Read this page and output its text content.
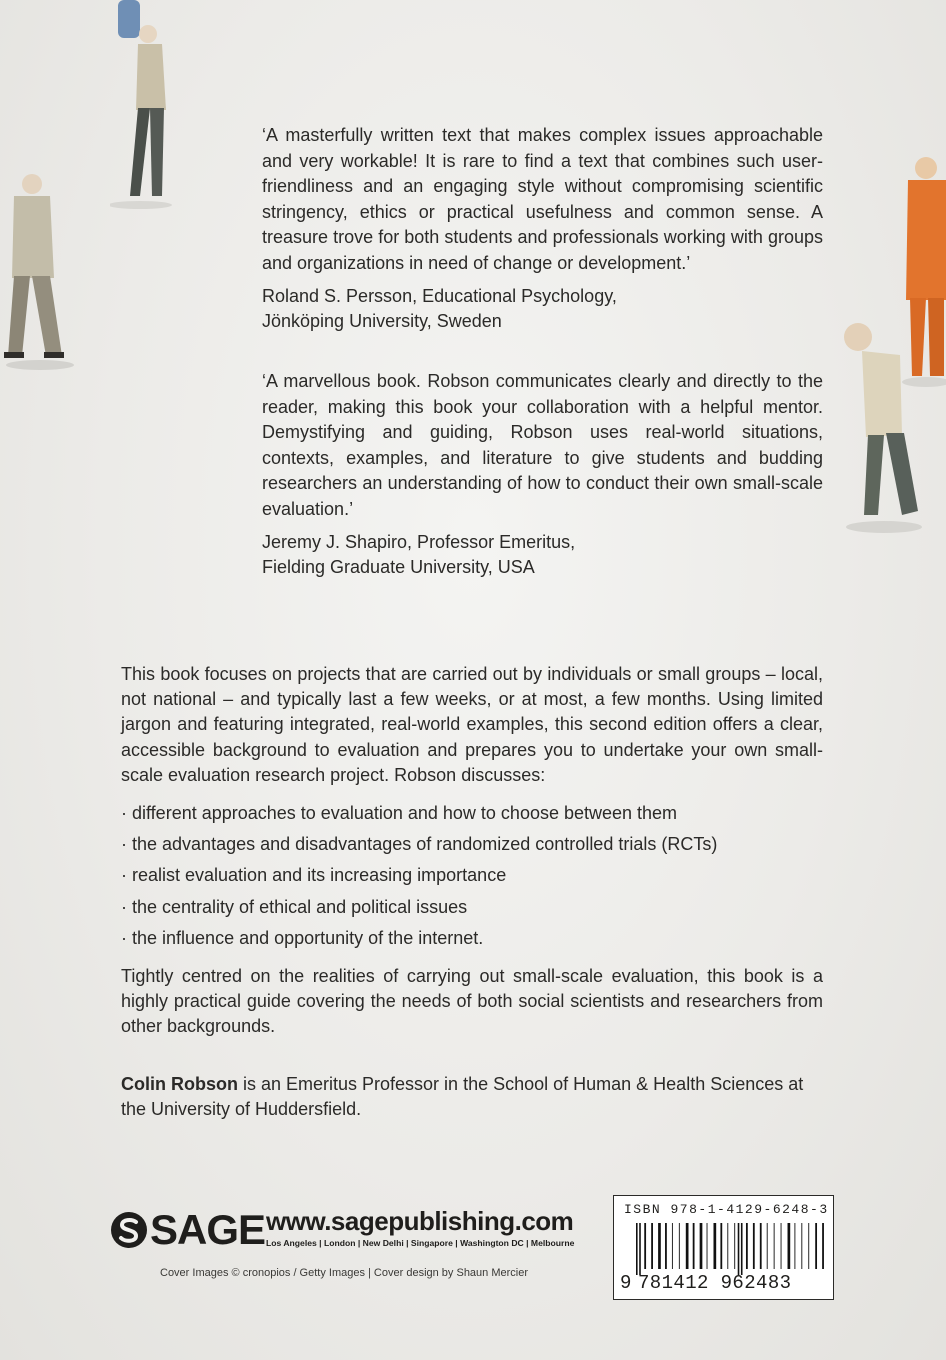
‘A masterfully written text that makes complex issues approachable and very workable! It is rare to find a text that combines such user-friendliness and an engaging style without compromising scientific stringency, ethics or practical usefulness and common sense. A treasure trove for both students and professionals working with groups and organizations in need of change or development.’

Roland S. Persson, Educational Psychology,
Jönköping University, Sweden

‘A marvellous book. Robson communicates clearly and directly to the reader, making this book your collaboration with a helpful mentor. Demystifying and guiding, Robson uses real-world situations, contexts, examples, and literature to give students and budding researchers an understanding of how to conduct their own small-scale evaluation.’

Jeremy J. Shapiro, Professor Emeritus,
Fielding Graduate University, USA

This book focuses on projects that are carried out by individuals or small groups – local, not national – and typically last a few weeks, or at most, a few months. Using limited jargon and featuring integrated, real-world examples, this second edition offers a clear, accessible background to evaluation and prepares you to undertake your own small-scale evaluation research project. Robson discusses:

· different approaches to evaluation and how to choose between them
· the advantages and disadvantages of randomized controlled trials (RCTs)
· realist evaluation and its increasing importance
· the centrality of ethical and political issues
· the influence and opportunity of the internet.

Tightly centred on the realities of carrying out small-scale evaluation, this book is a highly practical guide covering the needs of both social scientists and researchers from other backgrounds.

Colin Robson is an Emeritus Professor in the School of Human & Health Sciences at the University of Huddersfield.
SAGE www.sagepublishing.com
Los Angeles | London | New Delhi | Singapore | Washington DC | Melbourne
Cover Images © cronopios / Getty Images | Cover design by Shaun Mercier
ISBN 978-1-4129-6248-3
9 781412 962483
